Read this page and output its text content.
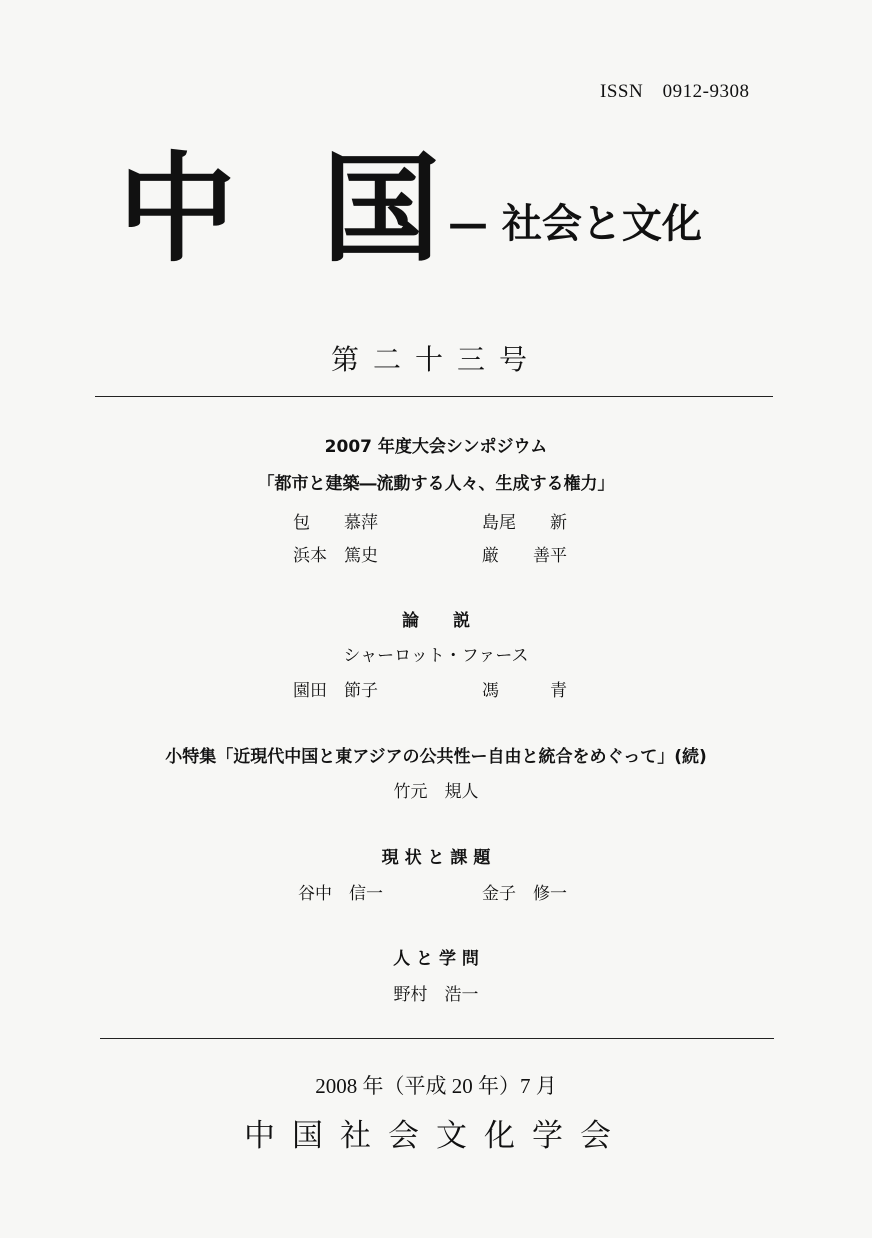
ISSN　0912-9308
中 国 — 社会と文化
第二十三号
2007 年度大会シンポジウム
「都市と建築―流動する人々、生成する権力」
包　　慕萍	島尾　　新
浜本　篤史	厳　　善平
論　　説
シャーロット・ファース
園田　節子	馮　　　青
小特集「近現代中国と東アジアの公共性ー自由と統合をめぐって」(続)
竹元　規人
現 状 と 課 題
谷中　信一	金子　修一
人 と 学 問
野村　浩一
2008 年（平成 20 年）7 月
中国社会文化学会
